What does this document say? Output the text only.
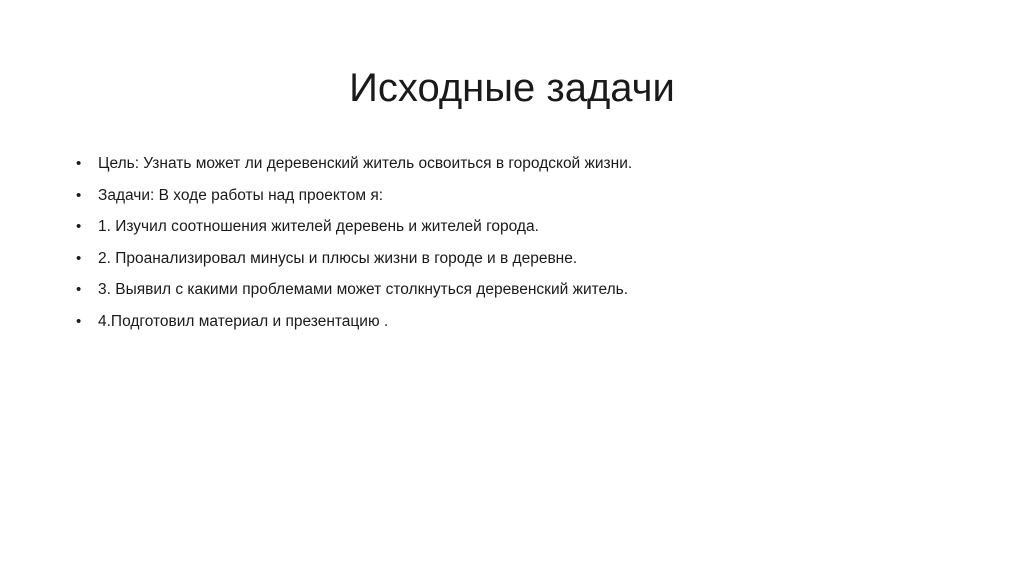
Исходные задачи
•	Цель: Узнать может ли деревенский житель освоиться в городской жизни.
•	Задачи: В ходе работы над проектом я:
•	1. Изучил соотношения жителей деревень и жителей города.
•	2. Проанализировал минусы и плюсы жизни в городе и в деревне.
•	3. Выявил с какими проблемами может столкнуться деревенский житель.
•	4.Подготовил материал и презентацию .
